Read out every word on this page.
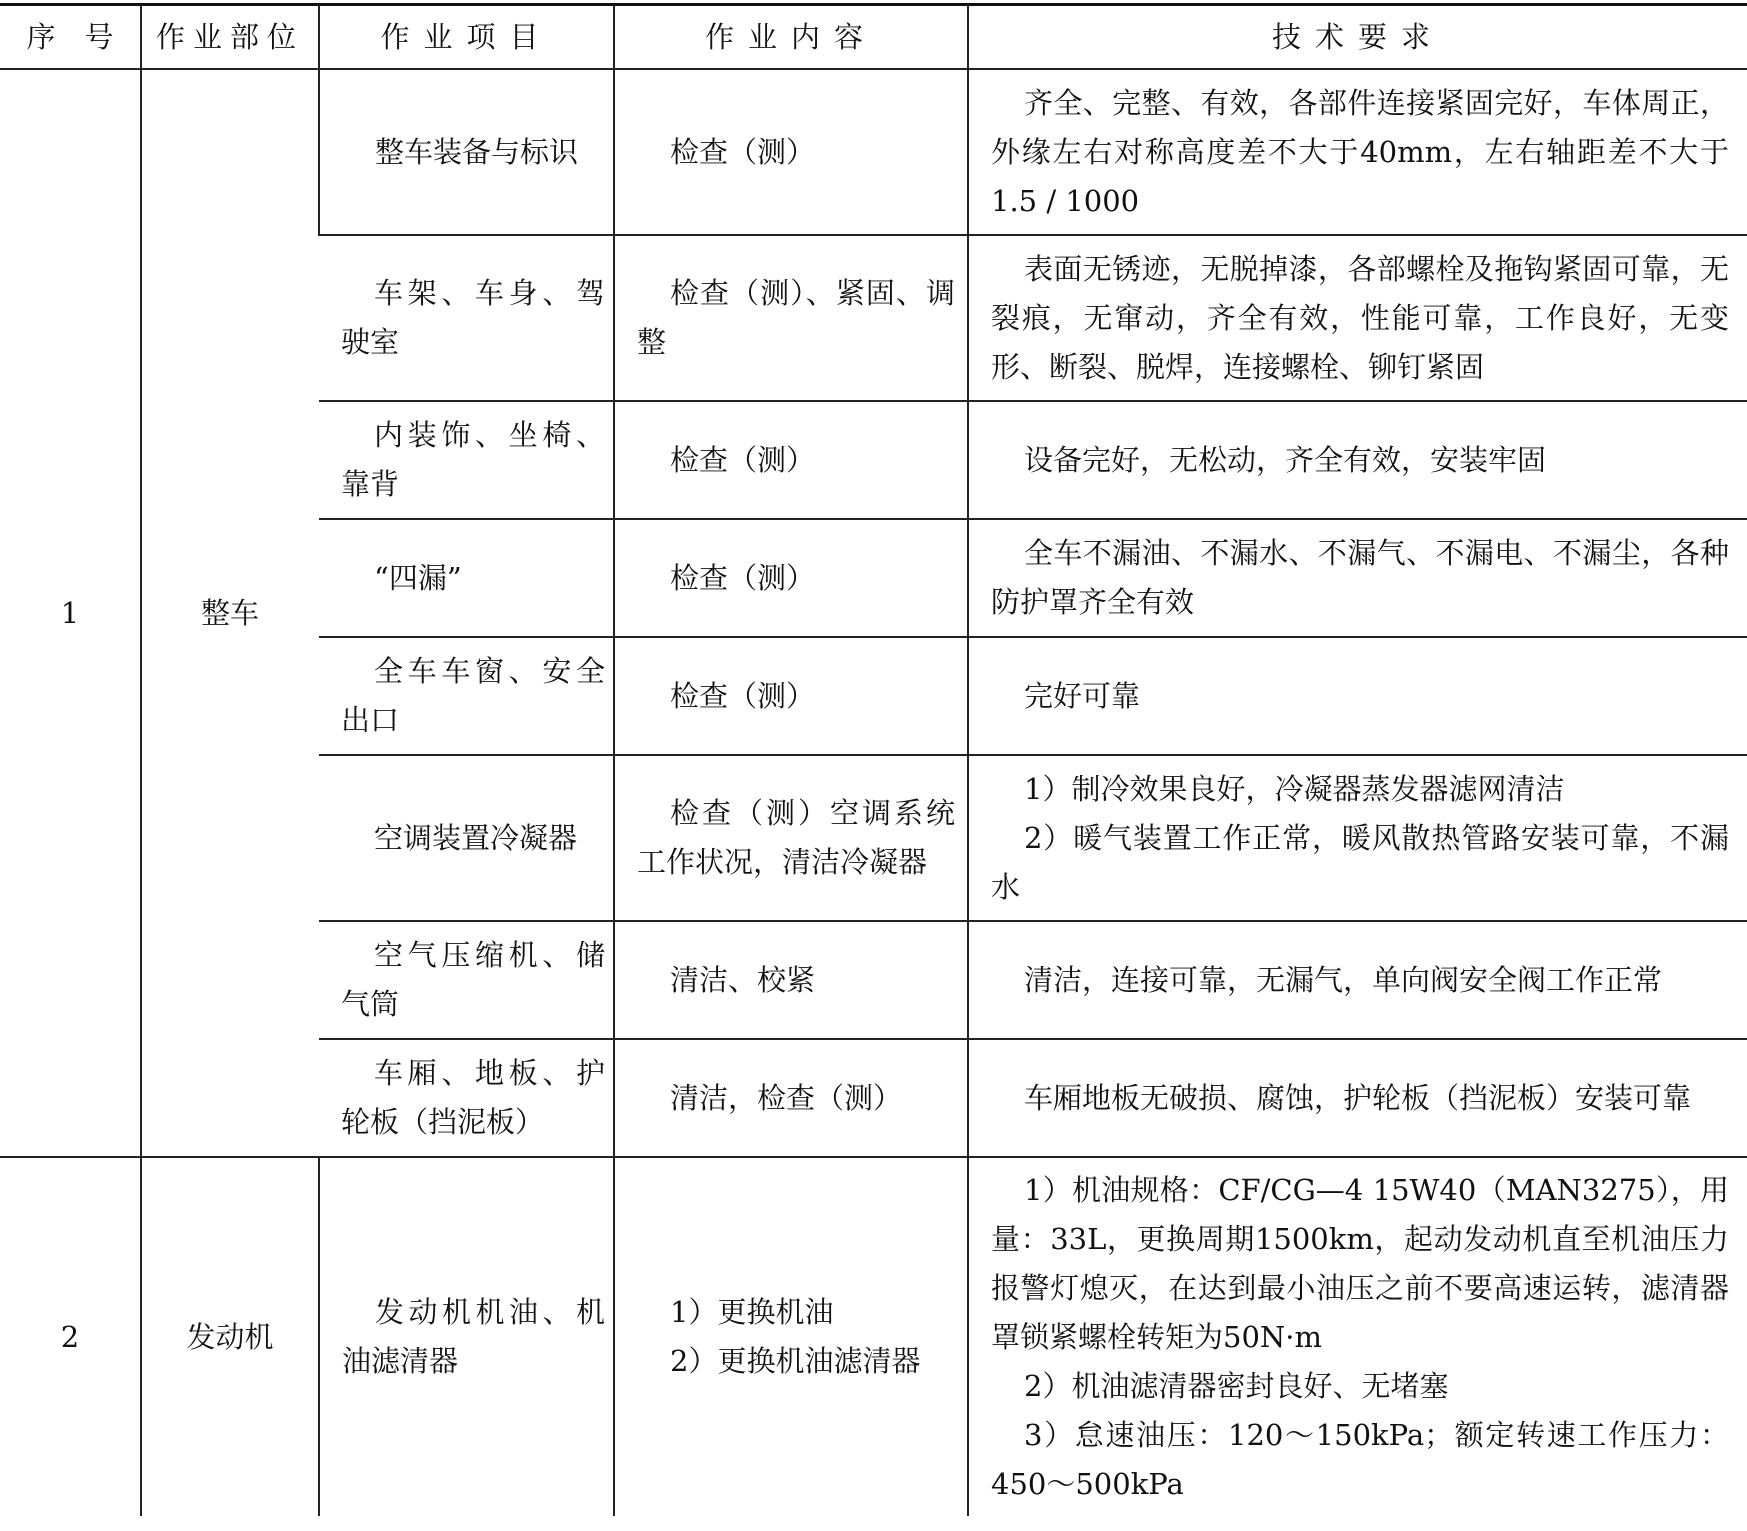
序　号	作业部位	作业项目	作业内容	技术要求
1	整车	整车装备与标识	检查（测）	齐全、完整、有效，各部件连接紧固完好，车体周正，外缘左右对称高度差不大于40mm，左右轴距差不大于1.5 / 1000

		车架、车身、驾驶室	检查（测）、紧固、调整	表面无锈迹，无脱掉漆，各部螺栓及拖钩紧固可靠，无裂痕，无窜动，齐全有效，性能可靠，工作良好，无变形、断裂、脱焊，连接螺栓、铆钉紧固

		内装饰、坐椅、靠背	检查（测）	设备完好，无松动，齐全有效，安装牢固

		“四漏”	检查（测）	全车不漏油、不漏水、不漏气、不漏电、不漏尘，各种防护罩齐全有效

		全车车窗、安全出口	检查（测）	完好可靠

		空调装置冷凝器	检查（测）空调系统工作状况，清洁冷凝器	1）制冷效果良好，冷凝器蒸发器滤网清洁
2）暖气装置工作正常，暖风散热管路安装可靠，不漏水

		空气压缩机、储气筒	清洁、校紧	清洁，连接可靠，无漏气，单向阀安全阀工作正常

		车厢、地板、护轮板（挡泥板）	清洁，检查（测）	车厢地板无破损、腐蚀，护轮板（挡泥板）安装可靠

2	发动机	发动机机油、机油滤清器	1）更换机油
2）更换机油滤清器	1）机油规格：CF/CG—4 15W40（MAN3275），用量：33L，更换周期1500km，起动发动机直至机油压力报警灯熄灭，在达到最小油压之前不要高速运转，滤清器罩锁紧螺栓转矩为50N·m
2）机油滤清器密封良好、无堵塞
3）怠速油压：120～150kPa；额定转速工作压力：450～500kPa
